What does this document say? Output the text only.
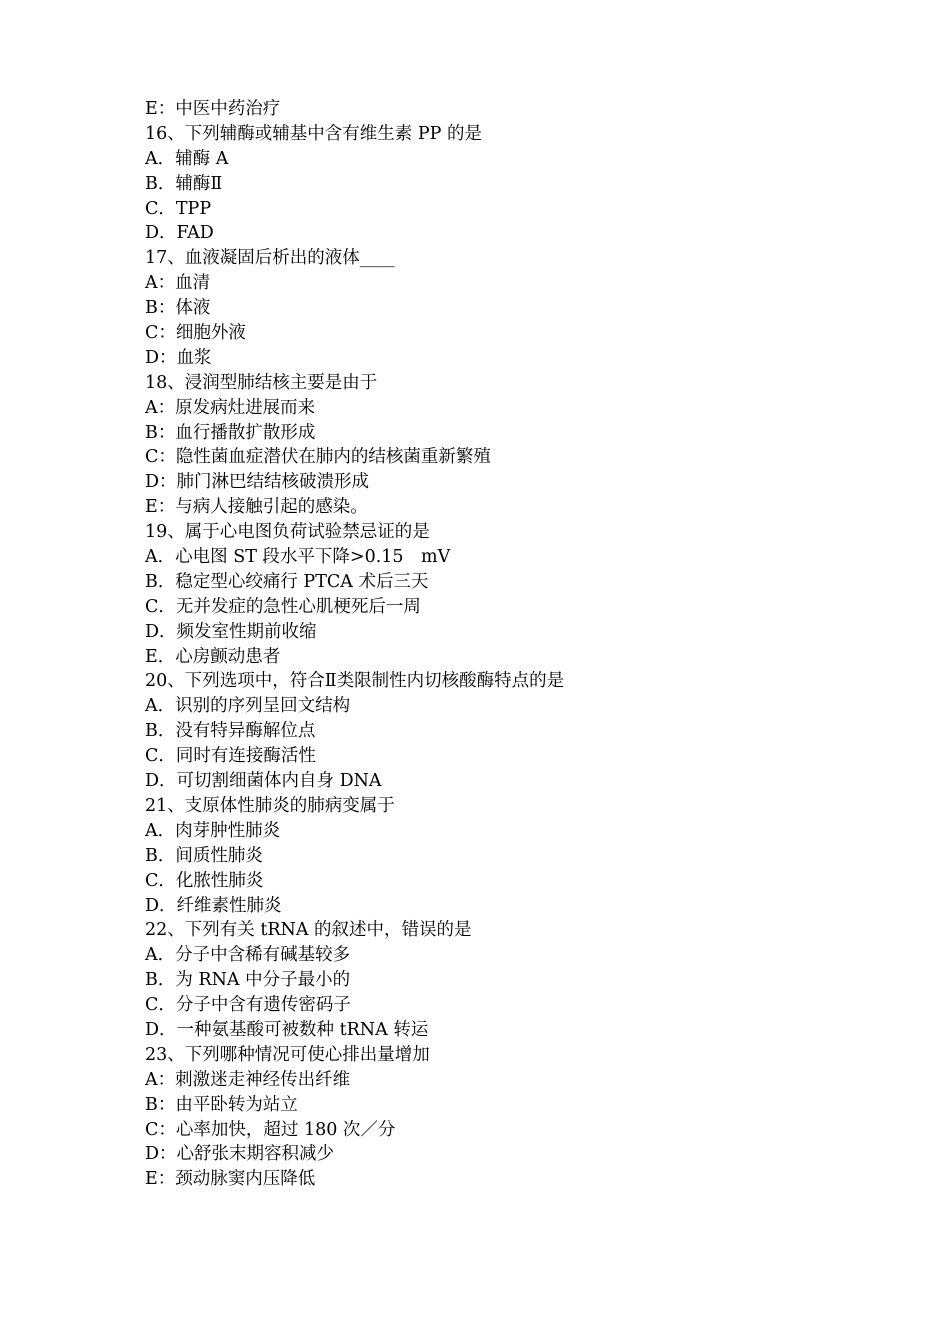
E：中医中药治疗
16、下列辅酶或辅基中含有维生素 PP 的是
A．辅酶 A
B．辅酶Ⅱ
C．TPP
D．FAD
17、血液凝固后析出的液体____
A：血清
B：体液
C：细胞外液
D：血浆
18、浸润型肺结核主要是由于
A：原发病灶进展而来
B：血行播散扩散形成
C：隐性菌血症潜伏在肺内的结核菌重新繁殖
D：肺门淋巴结结核破溃形成
E：与病人接触引起的感染。
19、属于心电图负荷试验禁忌证的是
A．心电图 ST 段水平下降>0.15　mV
B．稳定型心绞痛行 PTCA 术后三天
C．无并发症的急性心肌梗死后一周
D．频发室性期前收缩
E．心房颤动患者
20、下列选项中，符合Ⅱ类限制性内切核酸酶特点的是
A．识别的序列呈回文结构
B．没有特异酶解位点
C．同时有连接酶活性
D．可切割细菌体内自身 DNA
21、支原体性肺炎的肺病变属于
A．肉芽肿性肺炎
B．间质性肺炎
C．化脓性肺炎
D．纤维素性肺炎
22、下列有关 tRNA 的叙述中，错误的是
A．分子中含稀有碱基较多
B．为 RNA 中分子最小的
C．分子中含有遗传密码子
D．一种氨基酸可被数种 tRNA 转运
23、下列哪种情况可使心排出量增加
A：刺激迷走神经传出纤维
B：由平卧转为站立
C：心率加快，超过 180 次／分
D：心舒张末期容积减少
E：颈动脉窦内压降低
